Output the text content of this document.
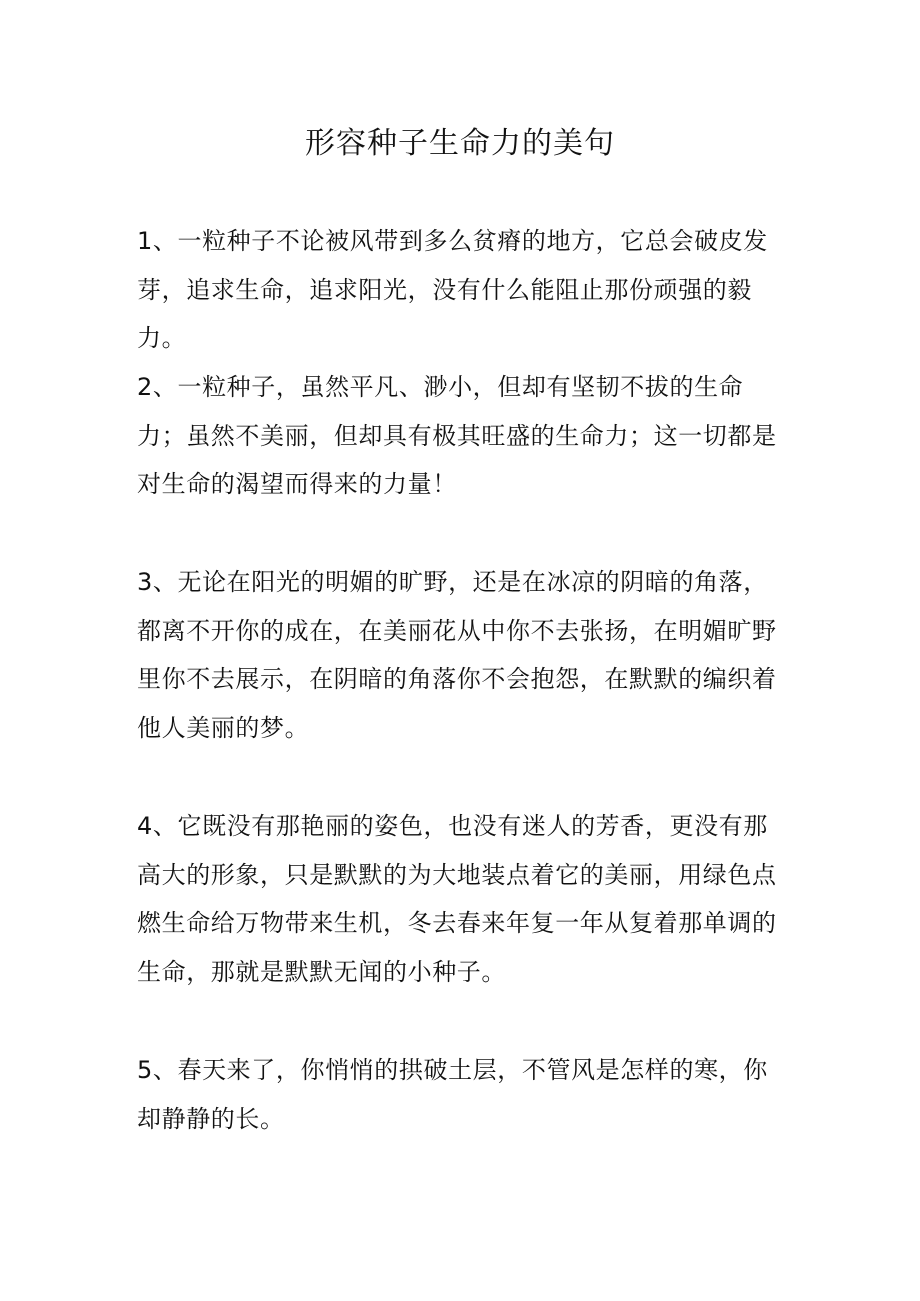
形容种子生命力的美句

1、一粒种子不论被风带到多么贫瘠的地方，它总会破皮发芽，追求生命，追求阳光，没有什么能阻止那份顽强的毅力。

2、一粒种子，虽然平凡、渺小，但却有坚韧不拔的生命力；虽然不美丽，但却具有极其旺盛的生命力；这一切都是对生命的渴望而得来的力量！

3、无论在阳光的明媚的旷野，还是在冰凉的阴暗的角落，都离不开你的成在，在美丽花从中你不去张扬，在明媚旷野里你不去展示，在阴暗的角落你不会抱怨，在默默的编织着他人美丽的梦。

4、它既没有那艳丽的姿色，也没有迷人的芳香，更没有那高大的形象，只是默默的为大地装点着它的美丽，用绿色点燃生命给万物带来生机，冬去春来年复一年从复着那单调的生命，那就是默默无闻的小种子。

5、春天来了，你悄悄的拱破土层，不管风是怎样的寒，你却静静的长。
